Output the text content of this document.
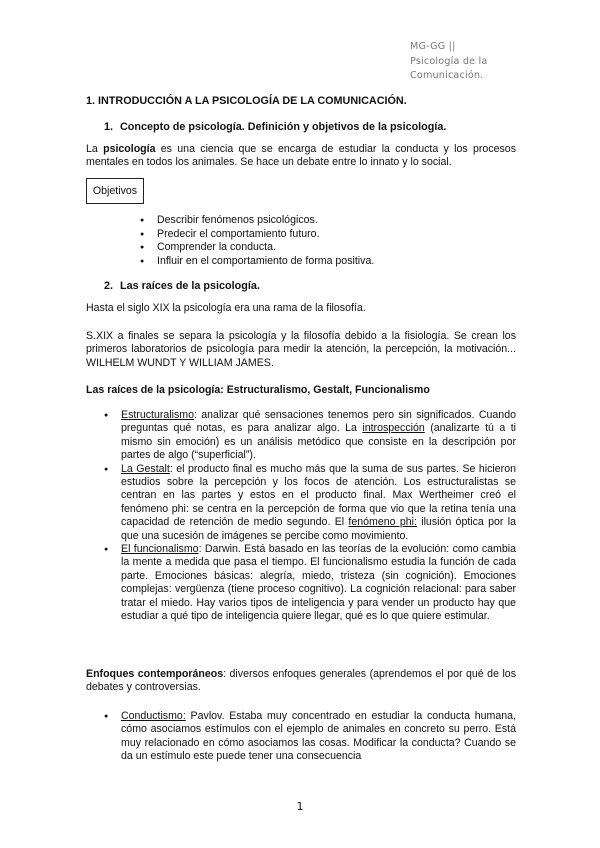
MG-GG ||
Psicología de la
Comunicación.
1. INTRODUCCIÓN A LA PSICOLOGÍA DE LA COMUNICACIÓN.
1. Concepto de psicología. Definición y objetivos de la psicología.
La psicología es una ciencia que se encarga de estudiar la conducta y los procesos mentales en todos los animales. Se hace un debate entre lo innato y lo social.
Objetivos
● Describir fenómenos psicológicos.
● Predecir el comportamiento futuro.
● Comprender la conducta.
● Influir en el comportamiento de forma positiva.
2. Las raíces de la psicología.
Hasta el siglo XIX la psicología era una rama de la filosofía.
S.XIX a finales se separa la psicología y la filosofía debido a la fisiología. Se crean los primeros laboratorios de psicología para medir la atención, la percepción, la motivación... WILHELM WUNDT Y WILLIAM JAMES.
Las raíces de la psicología: Estructuralismo, Gestalt, Funcionalismo
● Estructuralismo: analizar qué sensaciones tenemos pero sin significados. Cuando preguntas qué notas, es para analizar algo. La introspección (analizarte tú a ti mismo sin emoción) es un análisis metódico que consiste en la descripción por partes de algo (“superficial”).
● La Gestalt: el producto final es mucho más que la suma de sus partes. Se hicieron estudios sobre la percepción y los focos de atención. Los estructuralistas se centran en las partes y estos en el producto final. Max Wertheimer creó el fenómeno phi: se centra en la percepción de forma que vio que la retina tenía una capacidad de retención de medio segundo. El fenómeno phi: ilusión óptica por la que una sucesión de imágenes se percibe como movimiento.
● El funcionalismo: Darwin. Está basado en las teorías de la evolución: como cambia la mente a medida que pasa el tiempo. El funcionalismo estudia la función de cada parte. Emociones básicas: alegría, miedo, tristeza (sin cognición). Emociones complejas: vergüenza (tiene proceso cognitivo). La cognición relacional: para saber tratar el miedo. Hay varios tipos de inteligencia y para vender un producto hay que estudiar a qué tipo de inteligencia quiere llegar, qué es lo que quiere estimular.
Enfoques contemporáneos: diversos enfoques generales (aprendemos el por qué de los debates y controversias.
● Conductismo: Pavlov. Estaba muy concentrado en estudiar la conducta humana, cómo asociamos estímulos con el ejemplo de animales en concreto su perro. Está muy relacionado en cómo asociamos las cosas. Modificar la conducta? Cuando se da un estímulo este puede tener una consecuencia
1
